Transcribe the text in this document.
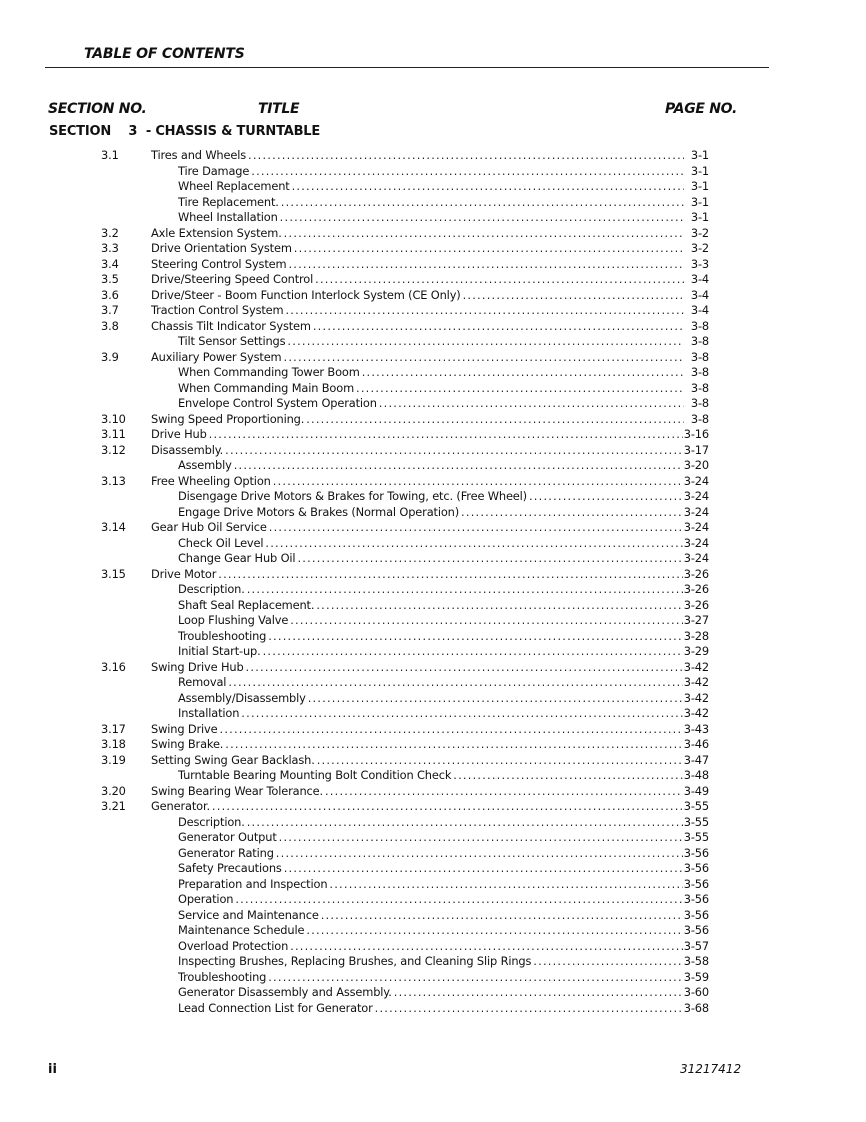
TABLE OF CONTENTS
SECTION NO.	TITLE	PAGE NO.
SECTION    3  - CHASSIS & TURNTABLE
3.1	Tires and Wheels .....	3-1
Tire Damage .....	3-1
Wheel Replacement .....	3-1
Tire Replacement. .....	3-1
Wheel Installation .....	3-1
3.2	Axle Extension System. .....	3-2
3.3	Drive Orientation System .....	3-2
3.4	Steering Control System .....	3-3
3.5	Drive/Steering Speed Control .....	3-4
3.6	Drive/Steer - Boom Function Interlock System (CE Only) .....	3-4
3.7	Traction Control System .....	3-4
3.8	Chassis Tilt Indicator System .....	3-8
Tilt Sensor Settings .....	3-8
3.9	Auxiliary Power System .....	3-8
When Commanding Tower Boom .....	3-8
When Commanding Main Boom .....	3-8
Envelope Control System Operation .....	3-8
3.10 Swing Speed Proportioning. .....	3-8
3.11 Drive Hub .....	3-16
3.12 Disassembly. .....	3-17
Assembly .....	3-20
3.13 Free Wheeling Option .....	3-24
Disengage Drive Motors & Brakes for Towing, etc. (Free Wheel) .....	3-24
Engage Drive Motors & Brakes (Normal Operation) .....	3-24
3.14 Gear Hub Oil Service .....	3-24
Check Oil Level .....	3-24
Change Gear Hub Oil .....	3-24
3.15 Drive Motor .....	3-26
Description. .....	3-26
Shaft Seal Replacement. .....	3-26
Loop Flushing Valve .....	3-27
Troubleshooting .....	3-28
Initial Start-up. .....	3-29
3.16 Swing Drive Hub .....	3-42
Removal .....	3-42
Assembly/Disassembly .....	3-42
Installation .....	3-42
3.17 Swing Drive .....	3-43
3.18 Swing Brake. .....	3-46
3.19 Setting Swing Gear Backlash. .....	3-47
Turntable Bearing Mounting Bolt Condition Check .....	3-48
3.20 Swing Bearing Wear Tolerance. .....	3-49
3.21 Generator. .....	3-55
Description. .....	3-55
Generator Output .....	3-55
Generator Rating .....	3-56
Safety Precautions .....	3-56
Preparation and Inspection .....	3-56
Operation .....	3-56
Service and Maintenance .....	3-56
Maintenance Schedule .....	3-56
Overload Protection .....	3-57
Inspecting Brushes, Replacing Brushes, and Cleaning Slip Rings .....	3-58
Troubleshooting .....	3-59
Generator Disassembly and Assembly. .....	3-60
Lead Connection List for Generator .....	3-68
ii	31217412
